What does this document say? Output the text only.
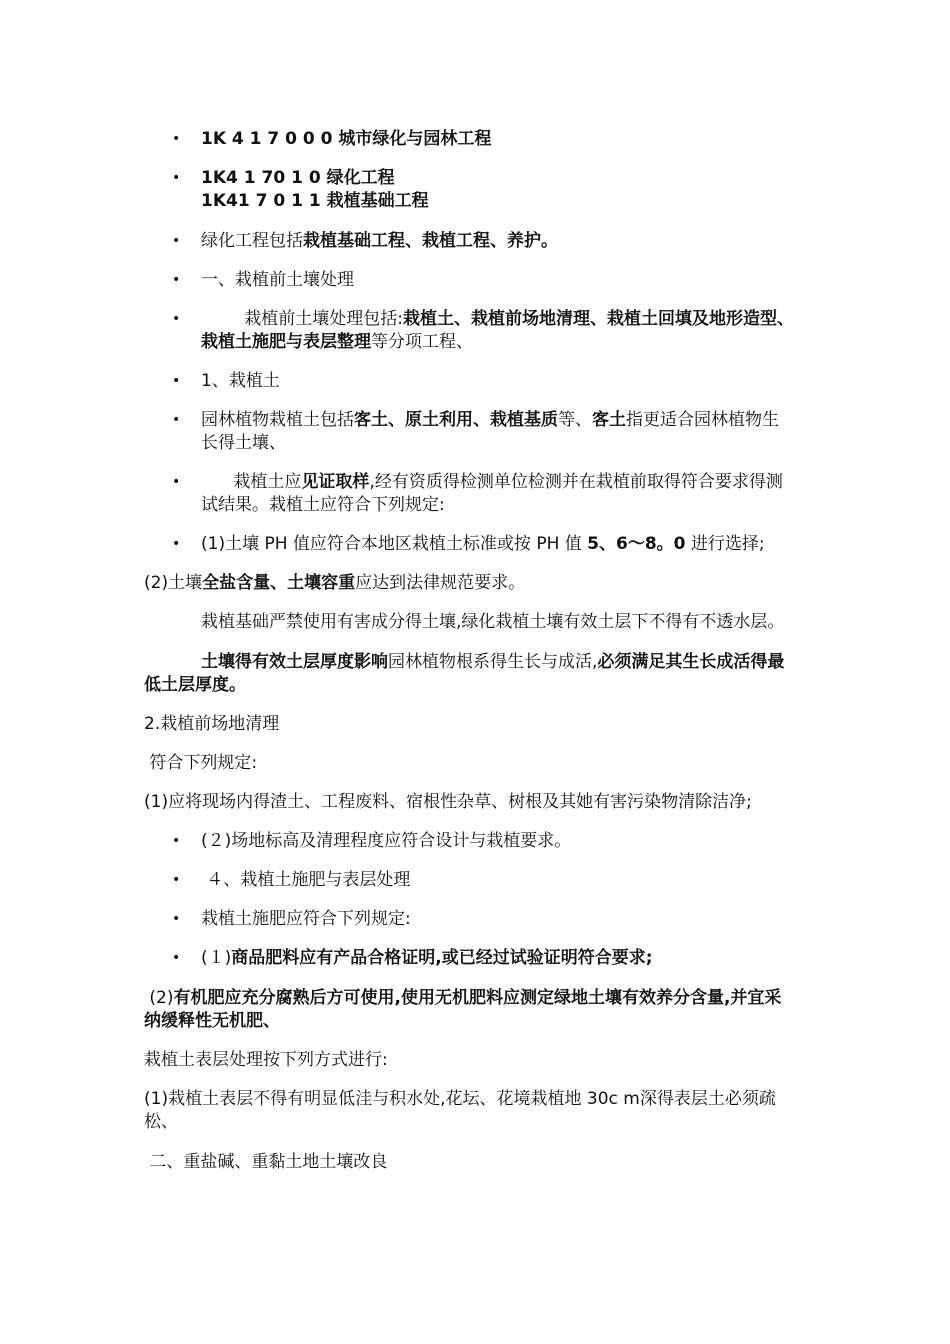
• 1K 4 1 7 0 0 0 城市绿化与园林工程
• 1K4 1 70 1 0 绿化工程
1K41 7 0 1 1 栽植基础工程
• 绿化工程包括栽植基础工程、栽植工程、养护。
• 一、栽植前土壤处理
• 栽植前土壤处理包括:栽植土、栽植前场地清理、栽植土回填及地形造型、
栽植土施肥与表层整理等分项工程、
• 1、栽植土
• 园林植物栽植土包括客土、原土利用、栽植基质等、客土指更适合园林植物生
长得土壤、
• 栽植土应见证取样,经有资质得检测单位检测并在栽植前取得符合要求得测
试结果。栽植土应符合下列规定:
• (1)土壤 PH 值应符合本地区栽植土标准或按 PH 值 5、6～8。0 进行选择;
(2)土壤全盐含量、土壤容重应达到法律规范要求。
栽植基础严禁使用有害成分得土壤,绿化栽植土壤有效土层下不得有不透水层。
土壤得有效土层厚度影响园林植物根系得生长与成活,必须满足其生长成活得最
低土层厚度。
2.栽植前场地清理
符合下列规定:
(1)应将现场内得渣土、工程废料、宿根性杂草、树根及其她有害污染物清除洁净;
• (２)场地标高及清理程度应符合设计与栽植要求。
• ４、栽植土施肥与表层处理
• 栽植土施肥应符合下列规定:
• (１)商品肥料应有产品合格证明,或已经过试验证明符合要求;
(2)有机肥应充分腐熟后方可使用,使用无机肥料应测定绿地土壤有效养分含量,并宜采
纳缓释性无机肥、
栽植土表层处理按下列方式进行:
(1)栽植土表层不得有明显低洼与积水处,花坛、花境栽植地 30c m深得表层土必须疏
松、
二、重盐碱、重黏土地土壤改良
